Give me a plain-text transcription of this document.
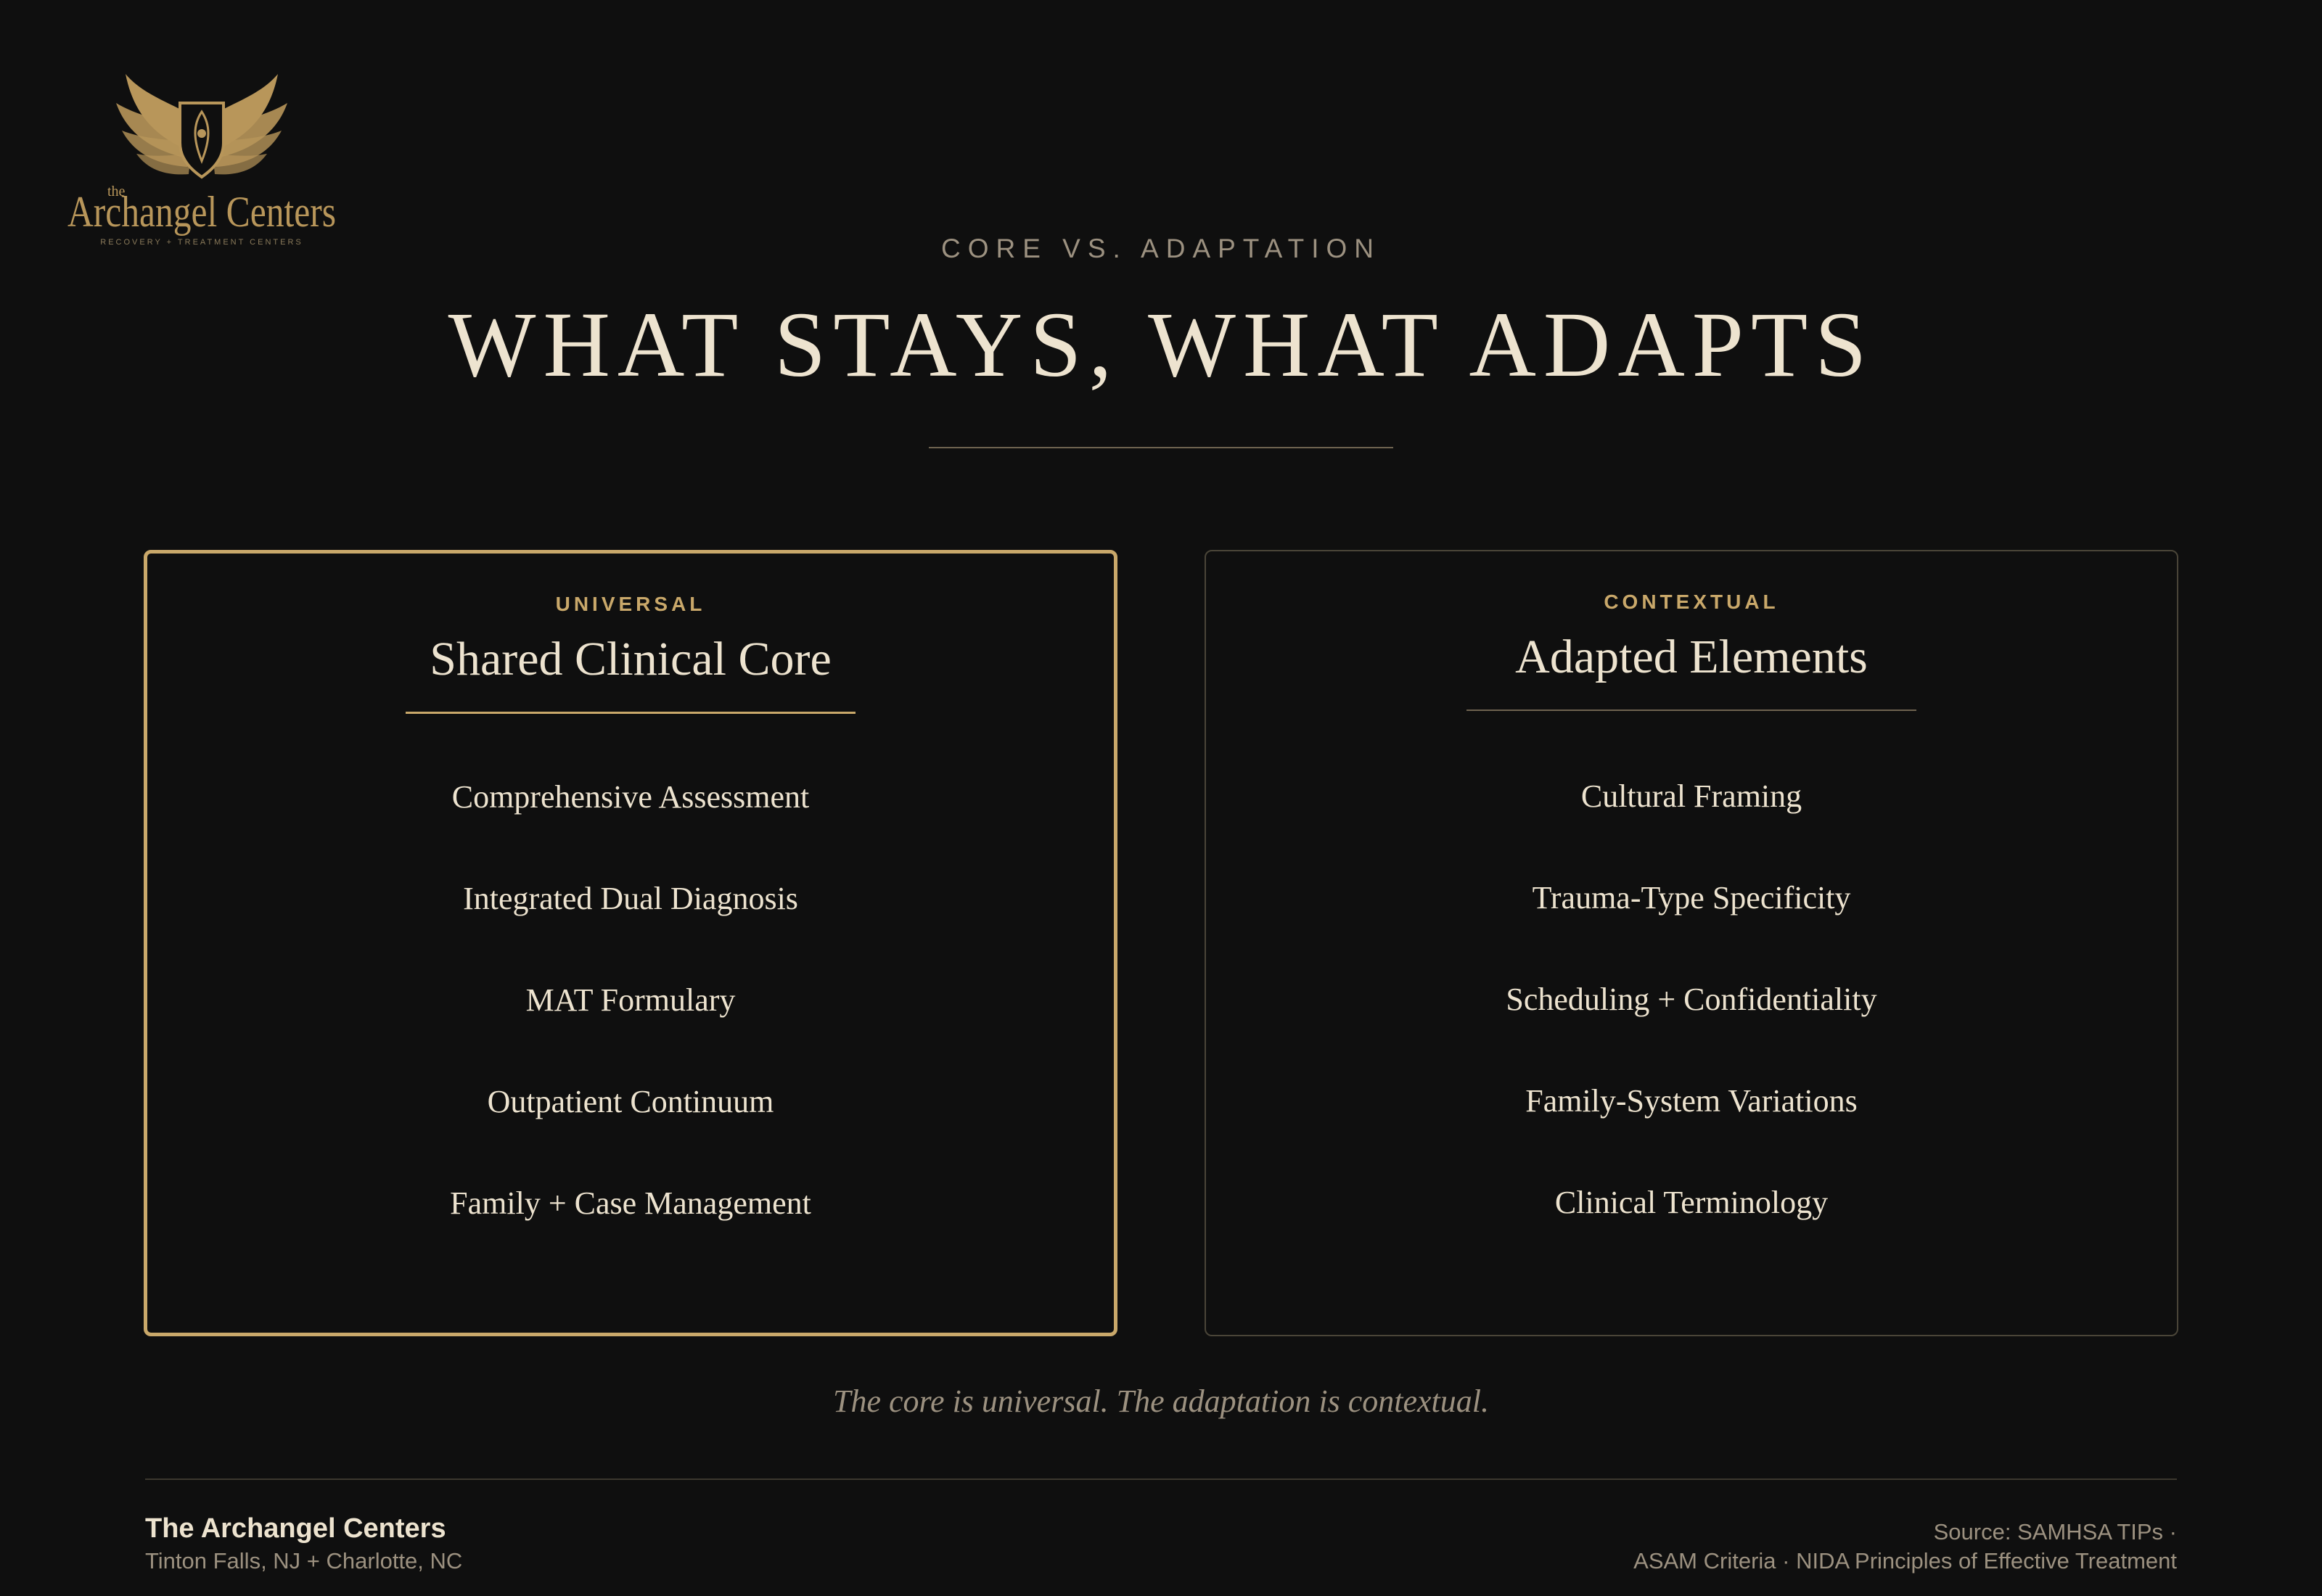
the
Archangel Centers
RECOVERY + TREATMENT CENTERS	CORE VS. ADAPTATION
WHAT STAYS, WHAT ADAPTS
UNIVERSAL
Shared Clinical Core
Comprehensive Assessment
Integrated Dual Diagnosis
MAT Formulary
Outpatient Continuum
Family + Case Management
CONTEXTUAL
Adapted Elements
Cultural Framing
Trauma-Type Specificity
Scheduling + Confidentiality
Family-System Variations
Clinical Terminology
The core is universal. The adaptation is contextual.
The Archangel Centers
Tinton Falls, NJ + Charlotte, NC
Source: SAMHSA TIPs ·
ASAM Criteria · NIDA Principles of Effective Treatment
